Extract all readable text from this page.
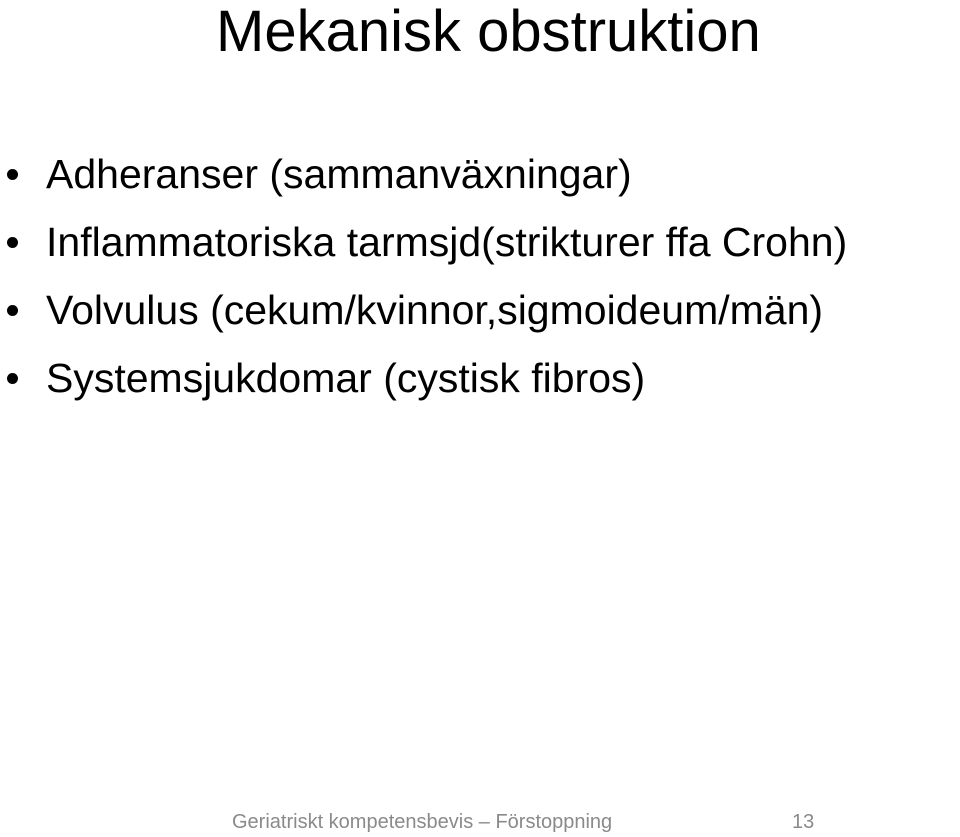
Mekanisk obstruktion
Adheranser (sammanväxningar)
Inflammatoriska tarmsjd(strikturer ffa Crohn)
Volvulus (cekum/kvinnor,sigmoideum/män)
Systemsjukdomar (cystisk fibros)
Geriatriskt kompetensbevis – Förstoppning	13
